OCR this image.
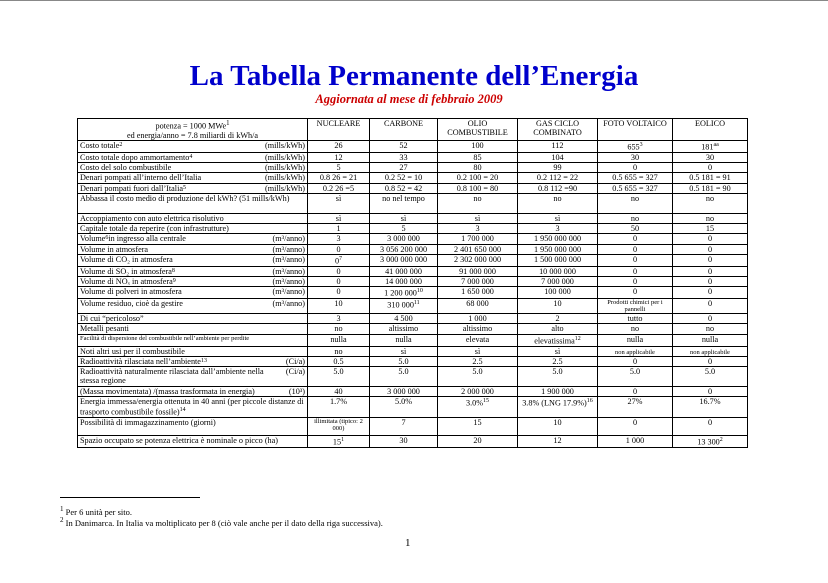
La Tabella Permanente dell’Energia
Aggiornata al mese di febbraio 2009
potenza = 1000 MWe$^1$
ed energia/anno = 7.8 miliardi di kWh/a	NUCLEARE	CARBONE	OLIO COMBUSTIBILE	GAS CICLO COMBINATO	FOTO VOLTAICO	EOLICO

Costo totale 2 (mills/kWh)	26	52	100	112	$655^3$	$181^{aa}$

Costo totale dopo ammortamento 4 (mills/kWh)	12	33	85	104	30	30

Costo del solo combustibile (mills/kWh)	5	27	80	99	0	0

Denari pompati all’interno dell’Italia (mills/kWh)	0.8 26 = 21	0.2 52 = 10	0.2 100 = 20	0.2 112 = 22	0.5 655 = 327	0.5 181 = 91

Denari pompati fuori dall’Italia 5 (mills/kWh)	0.2 26 =5	0.8 52 = 42	0.8 100 = 80	0.8 112 =90	0.5 655 = 327	0.5 181 = 90

Abbassa il costo medio di produzione del kWh? (51 mills/kWh)	sì	no nel tempo	no	no	no	no

Accoppiamento con auto elettrica risolutivo	sì	sì	sì	sì	no	no

Capitale totale da reperire (con infrastrutture)	1	5	3	3	50	15

Volume 6 in ingresso alla centrale (m³/anno)	3	3 000 000	1 700 000	1 950 000 000	0	0

Volume in atmosfera (m³/anno)	0	3 056 200 000	2 401 650 000	1 950 000 000	0	0

Volume di CO₂ in atmosfera (m³/anno)	$0^7$	3 000 000 000	2 302 000 000	1 500 000 000	0	0

Volume di SO₂ in atmosfera 8 (m³/anno)	0	41 000 000	91 000 000	10 000 000	0	0

Volume di NOₓ in atmosfera 9 (m³/anno)	0	14 000 000	7 000 000	7 000 000	0	0

Volume di polveri in atmosfera (m³/anno)	0	1 200 $000^{10}$	1 650 000	100 000	0	0

Volume residuo, cioè da gestire (m³/anno)	10	310 $000^{11}$	68 000	10	Prodotti chimici per i pannelli	0

Di cui “pericoloso”	3	4 500	1 000	2	tutto	0

Metalli pesanti	no	altissimo	altissimo	alto	no	no

Facilità di dispersione del combustibile nell’ambiente per perdite	nulla	nulla	elevata	elevatissima$^{12}$	nulla	nulla

Noti altri usi per il combustibile	no	sì	sì	sì	non applicabile	non applicabile

Radioattività rilasciata nell’ambiente 13 (Ci/a)	0.5	5.0	2.5	2.5	0	0

Radioattività naturalmente rilasciata dall’ambiente nella stessa regione
(Ci/a)	5.0	5.0	5.0	5.0	5.0	5.0

(Massa movimentata) /(massa trasformata in energia) (10³)	40	3 000 000	2 000 000	1 900 000	0	0

Energia immessa/energia ottenuta in 40 anni (per piccole distanze di trasporto combustibile fossile)$^{14}$	1.7%	5.0%	3.0%$^{15}$	3.8% (LNG 17.9%)$^{16}$	27%	16.7%

Possibilità di immagazzinamento (giorni)	illimitata (tipico: 2 000)	7	15	10	0	0

Spazio occupato se potenza elettrica è nominale o picco (ha)	$15^1$	30	20	12	1 000	13 $300^2$
$^1$ Per 6 unità per sito.
$^2$ In Danimarca. In Italia va moltiplicato per 8 (ciò vale anche per il dato della riga successiva).
1
